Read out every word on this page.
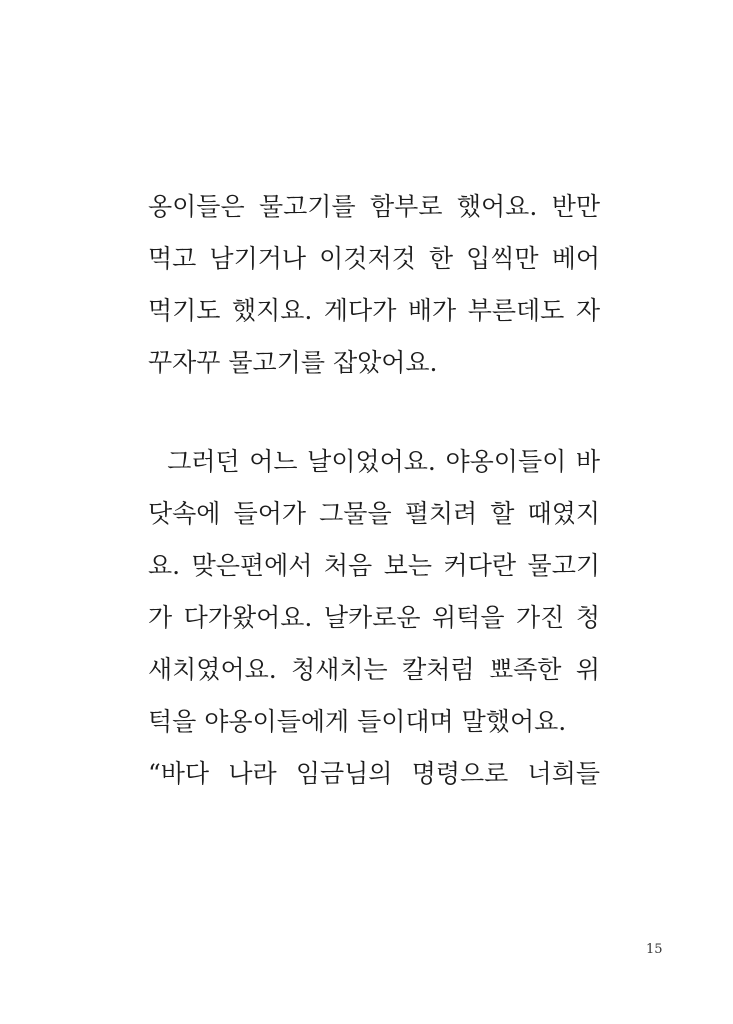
옹이들은 물고기를 함부로 했어요. 반만
먹고 남기거나 이것저것 한 입씩만 베어
먹기도 했지요. 게다가 배가 부른데도 자
꾸자꾸 물고기를 잡았어요.
그러던 어느 날이었어요. 야옹이들이 바
닷속에 들어가 그물을 펼치려 할 때였지
요. 맞은편에서 처음 보는 커다란 물고기
가 다가왔어요. 날카로운 위턱을 가진 청
새치였어요. 청새치는 칼처럼 뾰족한 위
턱을 야옹이들에게 들이대며 말했어요.
“바다 나라 임금님의 명령으로 너희들
15
